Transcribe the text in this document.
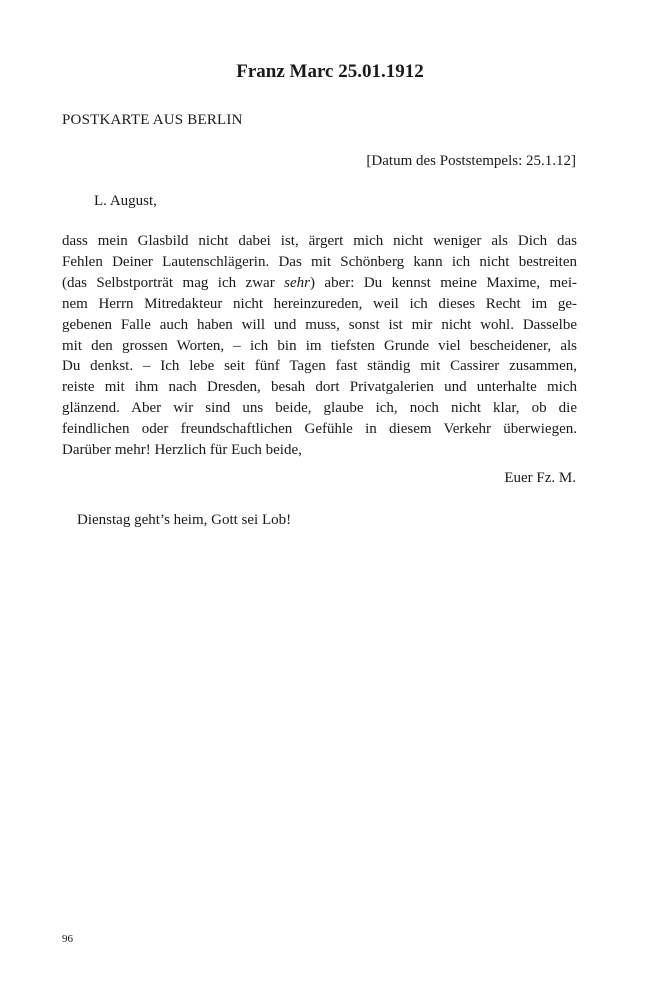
Franz Marc 25.01.1912

POSTKARTE AUS BERLIN

[Datum des Poststempels: 25.1.12]

L. August,

dass mein Glasbild nicht dabei ist, ärgert mich nicht weniger als Dich das
Fehlen Deiner Lautenschlägerin. Das mit Schönberg kann ich nicht bestreiten
(das Selbstporträt mag ich zwar sehr) aber: Du kennst meine Maxime, mei-
nem Herrn Mitredakteur nicht hereinzureden, weil ich dieses Recht im ge-
gebenen Falle auch haben will und muss, sonst ist mir nicht wohl. Dasselbe
mit den grossen Worten, – ich bin im tiefsten Grunde viel bescheidener, als
Du denkst. – Ich lebe seit fünf Tagen fast ständig mit Cassirer zusammen,
reiste mit ihm nach Dresden, besah dort Privatgalerien und unterhalte mich
glänzend. Aber wir sind uns beide, glaube ich, noch nicht klar, ob die
feindlichen oder freundschaftlichen Gefühle in diesem Verkehr überwiegen.
Darüber mehr! Herzlich für Euch beide,

Euer Fz. M.

Dienstag geht’s heim, Gott sei Lob!

96
